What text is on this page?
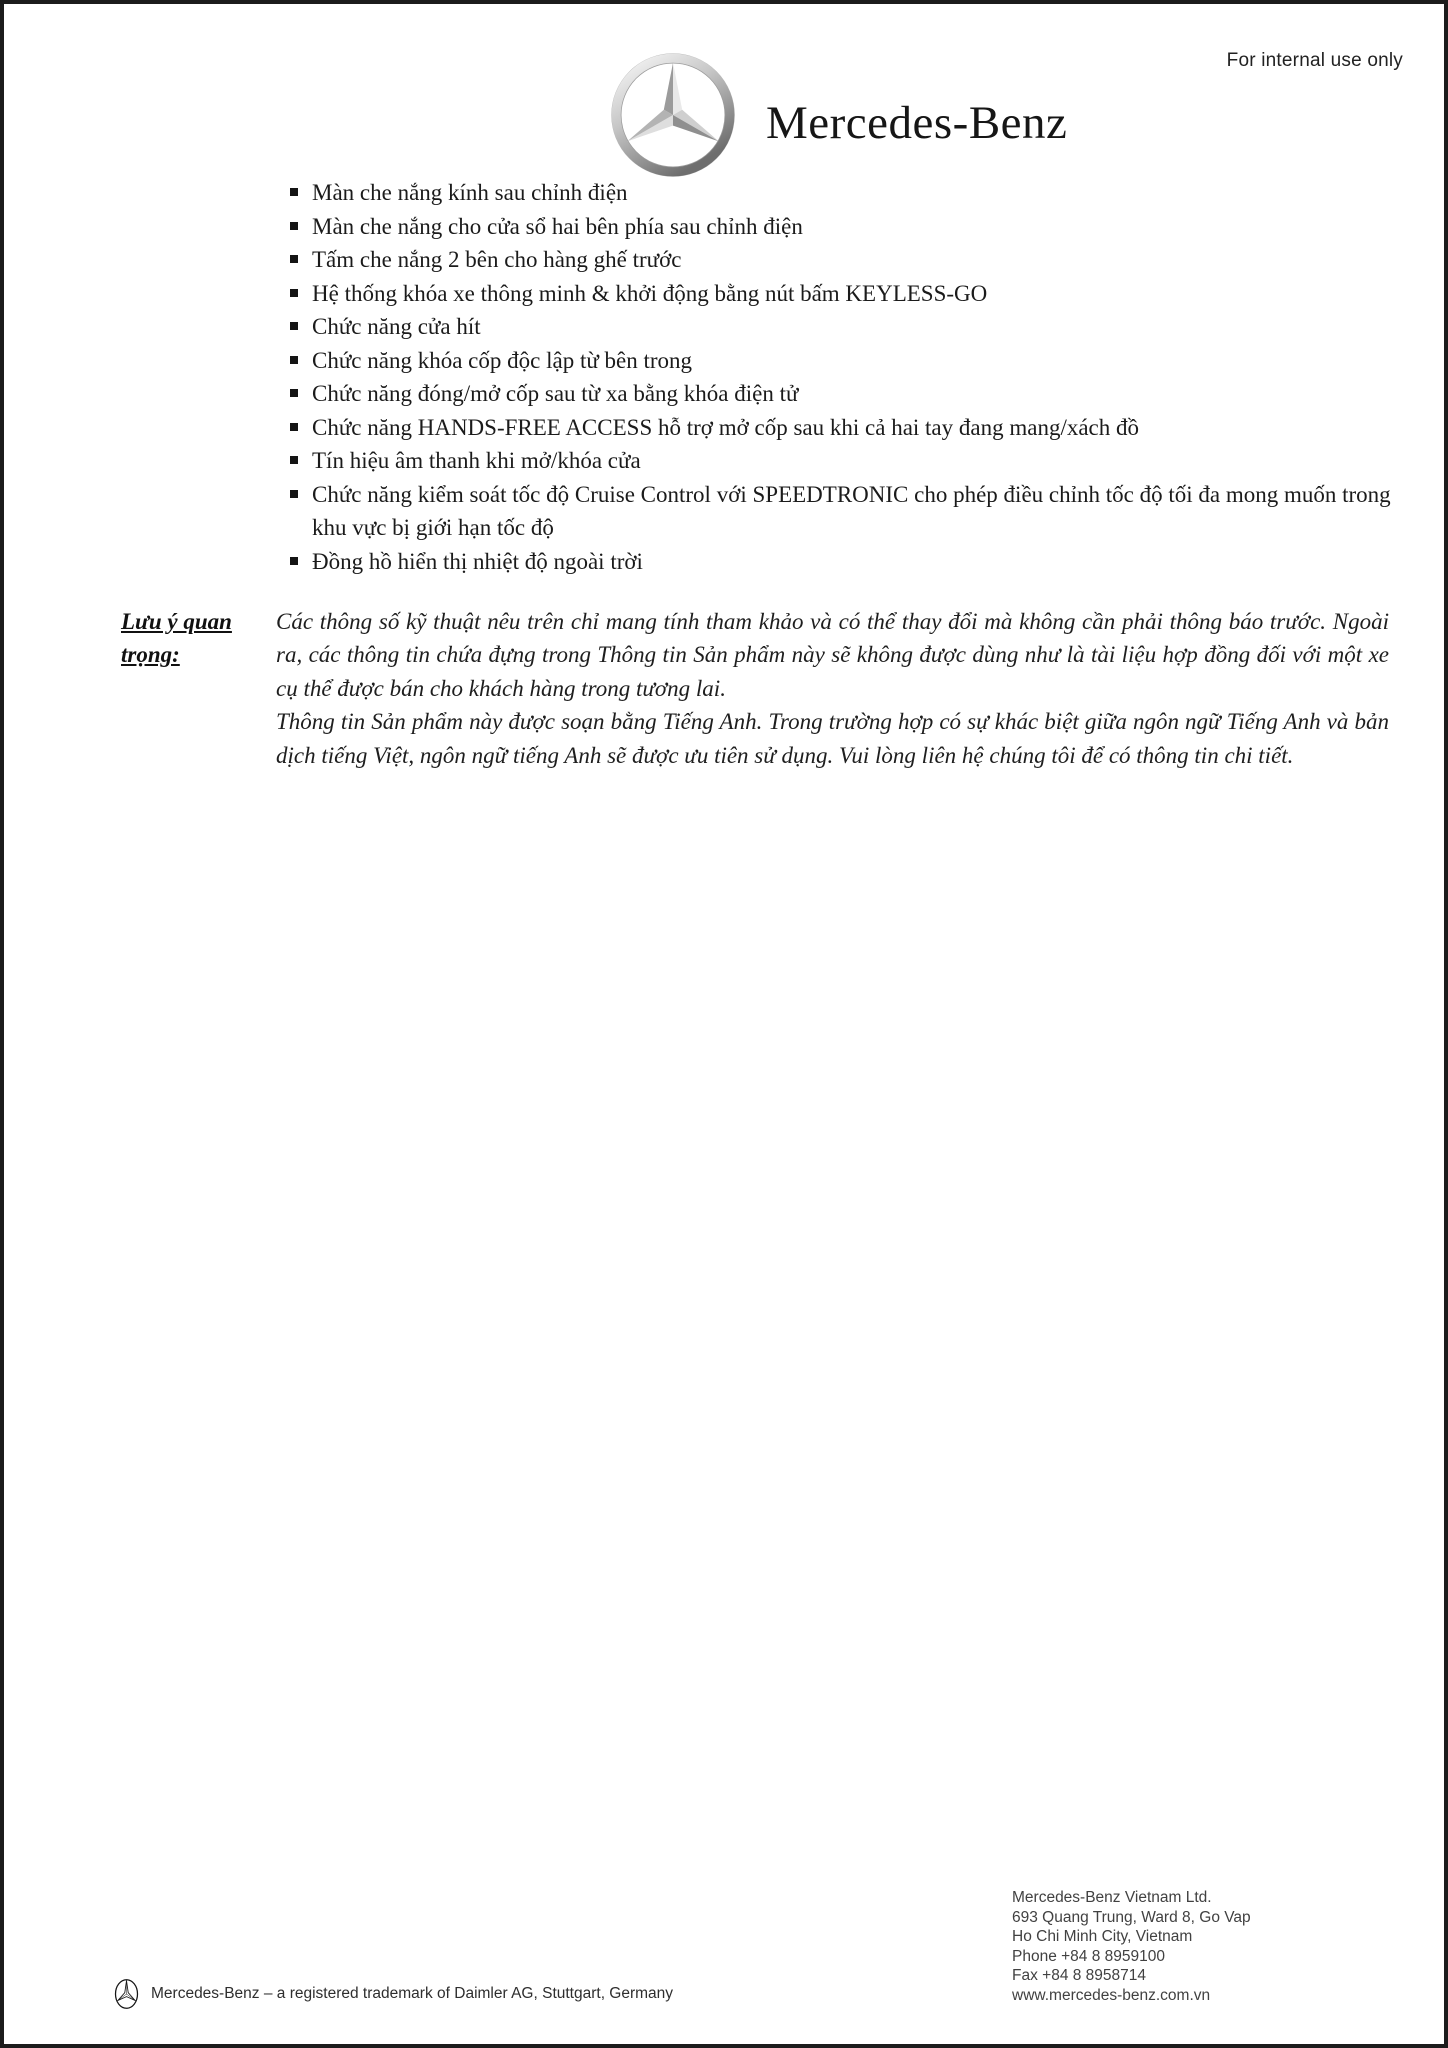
For internal use only
Mercedes-Benz
Màn che nắng kính sau chỉnh điện
Màn che nắng cho cửa sổ hai bên phía sau chỉnh điện
Tấm che nắng 2 bên cho hàng ghế trước
Hệ thống khóa xe thông minh & khởi động bằng nút bấm KEYLESS-GO
Chức năng cửa hít
Chức năng khóa cốp độc lập từ bên trong
Chức năng đóng/mở cốp sau từ xa bằng khóa điện tử
Chức năng HANDS-FREE ACCESS hỗ trợ mở cốp sau khi cả hai tay đang mang/xách đồ
Tín hiệu âm thanh khi mở/khóa cửa
Chức năng kiểm soát tốc độ Cruise Control với SPEEDTRONIC cho phép điều chỉnh tốc độ tối đa mong muốn trong khu vực bị giới hạn tốc độ
Đồng hồ hiển thị nhiệt độ ngoài trời
Lưu ý quan trọng:

Các thông số kỹ thuật nêu trên chỉ mang tính tham khảo và có thể thay đổi mà không cần phải thông báo trước. Ngoài ra, các thông tin chứa đựng trong Thông tin Sản phẩm này sẽ không được dùng như là tài liệu hợp đồng đối với một xe cụ thể được bán cho khách hàng trong tương lai.

Thông tin Sản phẩm này được soạn bằng Tiếng Anh. Trong trường hợp có sự khác biệt giữa ngôn ngữ Tiếng Anh và bản dịch tiếng Việt, ngôn ngữ tiếng Anh sẽ được ưu tiên sử dụng. Vui lòng liên hệ chúng tôi để có thông tin chi tiết.

Mercedes-Benz Vietnam Ltd.
693 Quang Trung, Ward 8, Go Vap
Ho Chi Minh City, Vietnam
Phone +84 8 8959100
Fax +84 8 8958714
www.mercedes-benz.com.vn
Mercedes-Benz – a registered trademark of Daimler AG, Stuttgart, Germany
